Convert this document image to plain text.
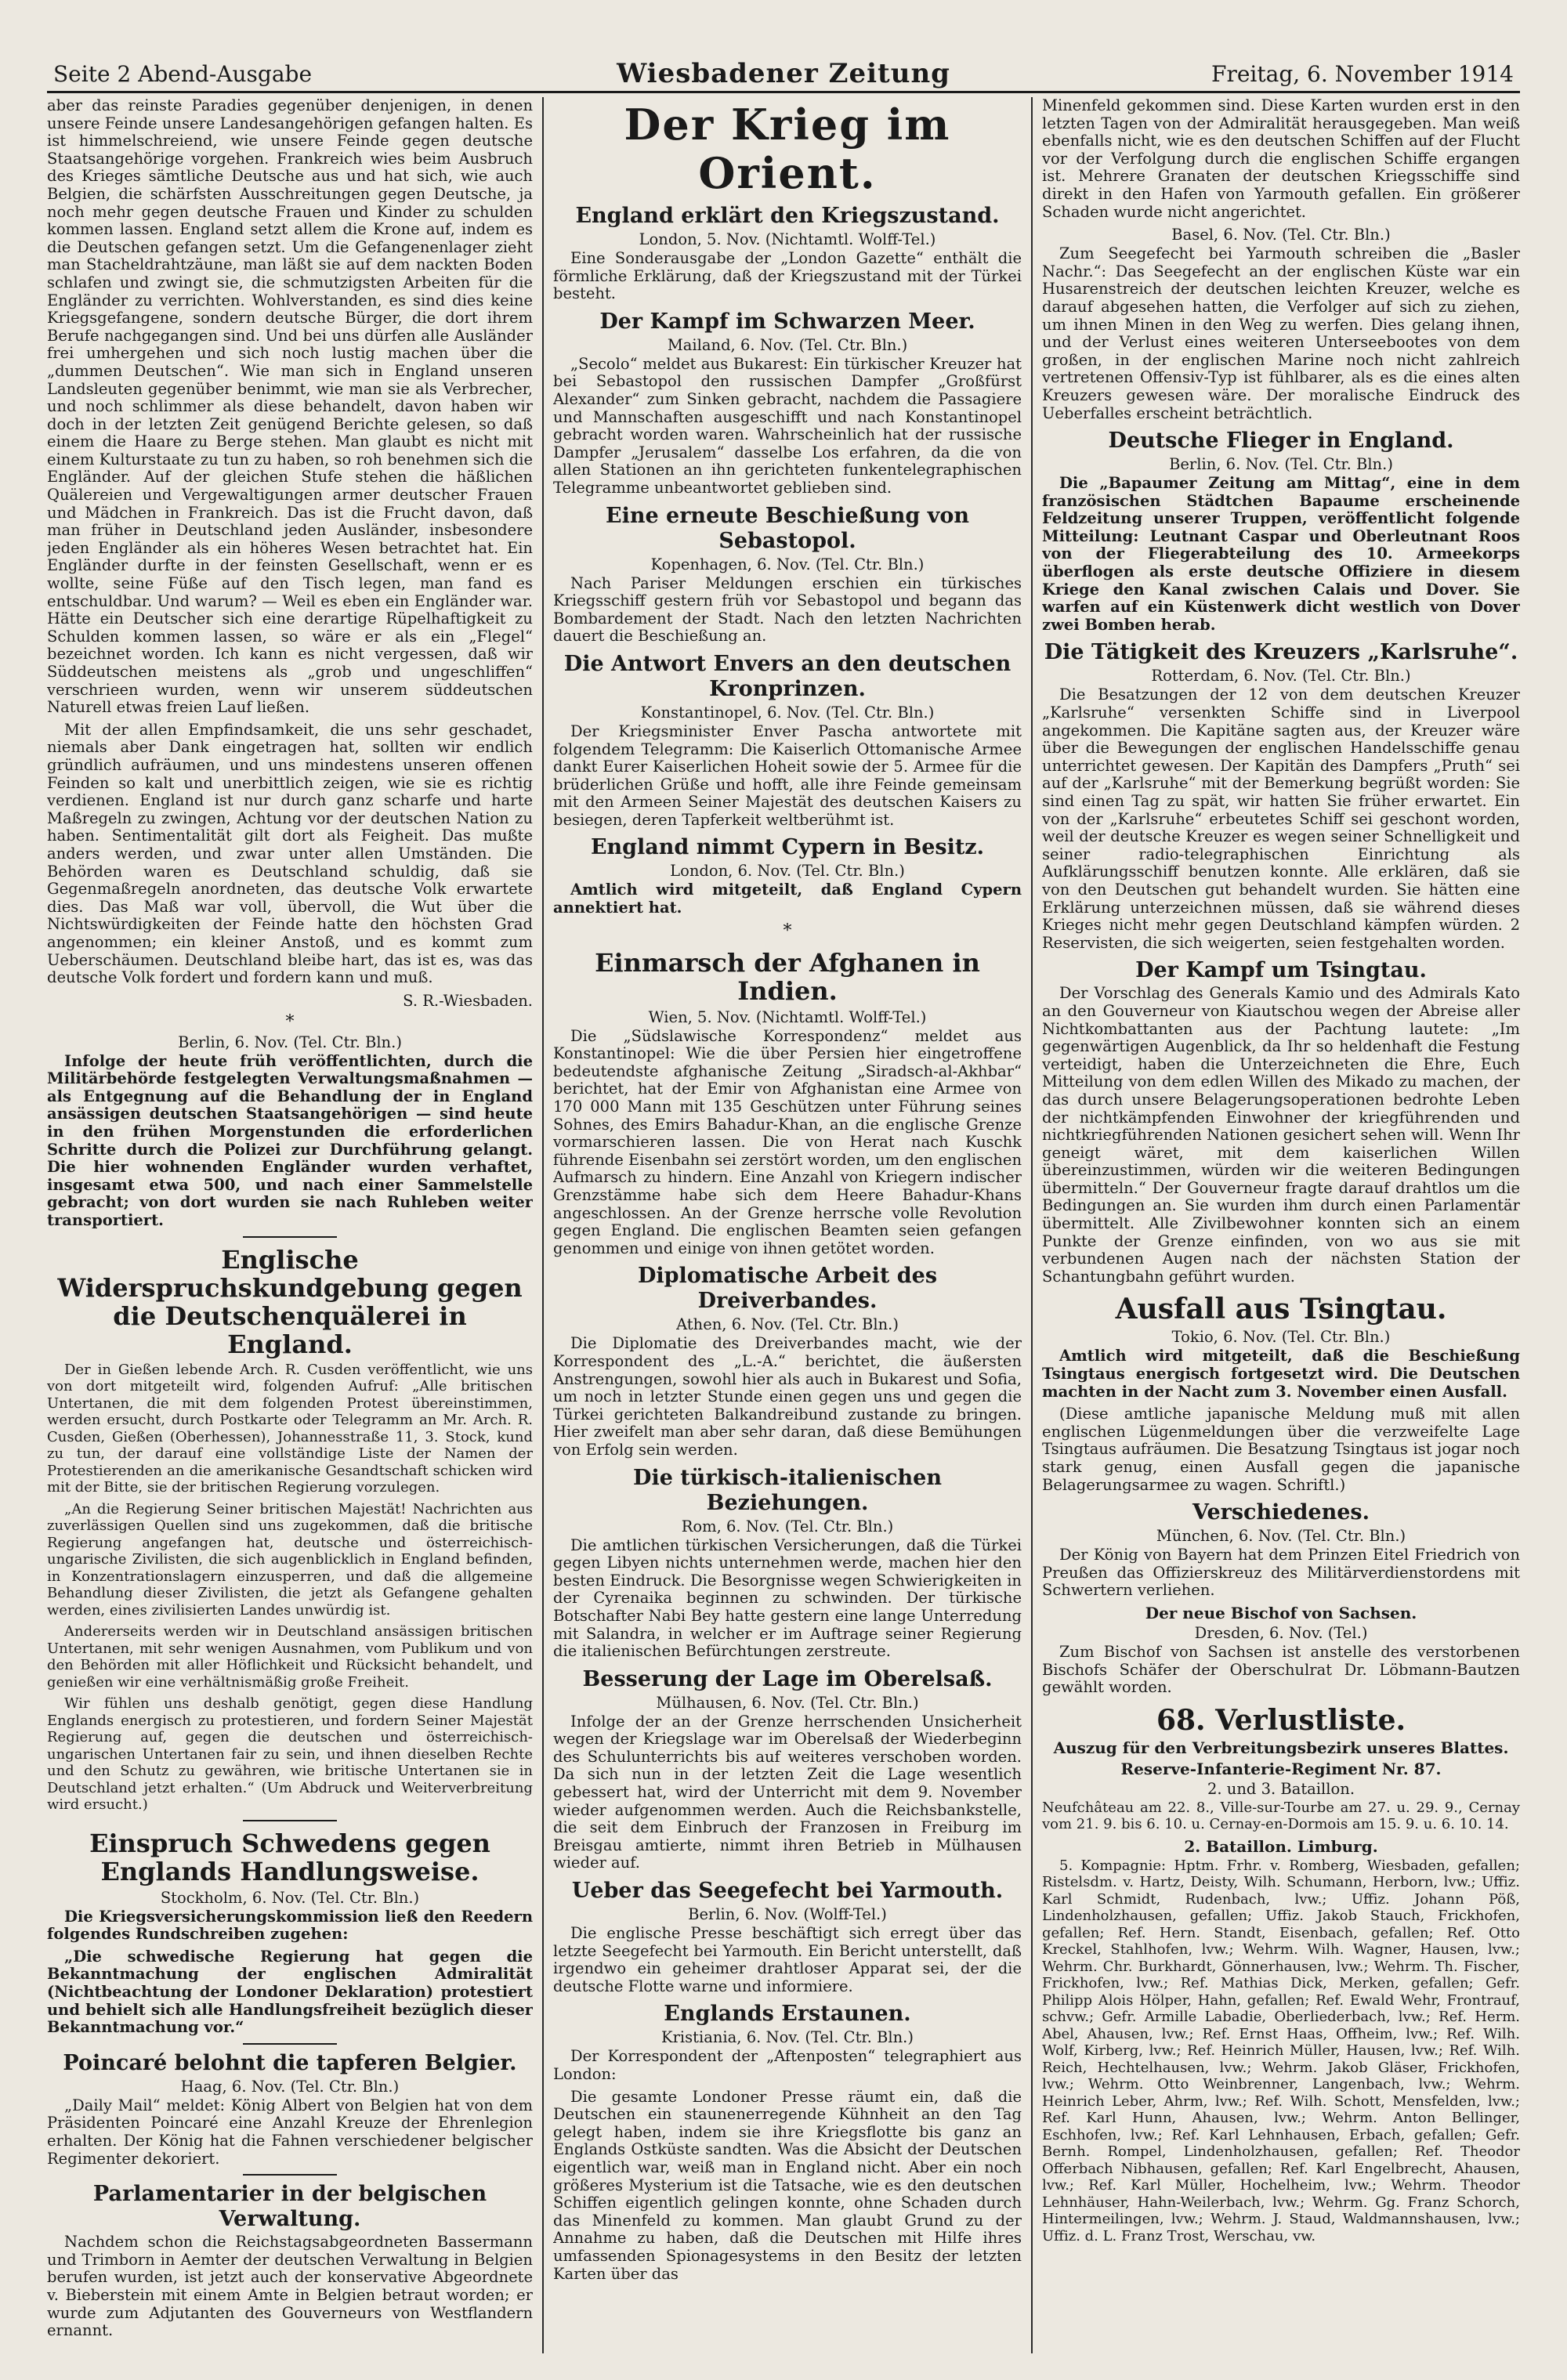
Seite 2 Abend-Ausgabe	Wiesbadener Zeitung	Freitag, 6. November 1914

aber das reinste Paradies gegenüber denjenigen, in denen unsere Feinde unsere Landesangehörigen gefangen halten. Es ist himmelschreiend, wie unsere Feinde gegen deutsche Staatsangehörige vorgehen. Frankreich wies beim Ausbruch des Krieges sämtliche Deutsche aus und hat sich, wie auch Belgien, die schärfsten Ausschreitungen gegen Deutsche, ja noch mehr gegen deutsche Frauen und Kinder zu schulden kommen lassen. England setzt allem die Krone auf, indem es die Deutschen gefangen setzt. Um die Gefangenenlager zieht man Stacheldrahtzäune, man läßt sie auf dem nackten Boden schlafen und zwingt sie, die schmutzigsten Arbeiten für die Engländer zu verrichten. Wohlverstanden, es sind dies keine Kriegsgefangene, sondern deutsche Bürger, die dort ihrem Berufe nachgegangen sind. Und bei uns dürfen alle Ausländer frei umhergehen und sich noch lustig machen über die „dummen Deutschen“. Wie man sich in England unseren Landsleuten gegenüber benimmt, wie man sie als Verbrecher, und noch schlimmer als diese behandelt, davon haben wir doch in der letzten Zeit genügend Berichte gelesen, so daß einem die Haare zu Berge stehen. Man glaubt es nicht mit einem Kulturstaate zu tun zu haben, so roh benehmen sich die Engländer. Auf der gleichen Stufe stehen die häßlichen Quälereien und Vergewaltigungen armer deutscher Frauen und Mädchen in Frankreich. Das ist die Frucht davon, daß man früher in Deutschland jeden Ausländer, insbesondere jeden Engländer als ein höheres Wesen betrachtet hat. Ein Engländer durfte in der feinsten Gesellschaft, wenn er es wollte, seine Füße auf den Tisch legen, man fand es entschuldbar. Und warum? — Weil es eben ein Engländer war. Hätte ein Deutscher sich eine derartige Rüpelhaftigkeit zu Schulden kommen lassen, so wäre er als ein „Flegel“ bezeichnet worden. Ich kann es nicht vergessen, daß wir Süddeutschen meistens als „grob und ungeschliffen“ verschrieen wurden, wenn wir unserem süddeutschen Naturell etwas freien Lauf ließen.

Mit der allen Empfindsamkeit, die uns sehr geschadet, niemals aber Dank eingetragen hat, sollten wir endlich gründlich aufräumen, und uns mindestens unseren offenen Feinden so kalt und unerbittlich zeigen, wie sie es richtig verdienen. England ist nur durch ganz scharfe und harte Maßregeln zu zwingen, Achtung vor der deutschen Nation zu haben. Sentimentalität gilt dort als Feigheit. Das mußte anders werden, und zwar unter allen Umständen. Die Behörden waren es Deutschland schuldig, daß sie Gegenmaßregeln anordneten, das deutsche Volk erwartete dies. Das Maß war voll, übervoll, die Wut über die Nichtswürdigkeiten der Feinde hatte den höchsten Grad angenommen; ein kleiner Anstoß, und es kommt zum Ueberschäumen. Deutschland bleibe hart, das ist es, was das deutsche Volk fordert und fordern kann und muß.

S. R.-Wiesbaden.
*
Berlin, 6. Nov. (Tel. Ctr. Bln.)

Infolge der heute früh veröffentlichten, durch die Militärbehörde festgelegten Verwaltungsmaßnahmen — als Entgegnung auf die Behandlung der in England ansässigen deutschen Staatsangehörigen — sind heute in den frühen Morgenstunden die erforderlichen Schritte durch die Polizei zur Durchführung gelangt. Die hier wohnenden Engländer wurden verhaftet, insgesamt etwa 500, und nach einer Sammelstelle gebracht; von dort wurden sie nach Ruhleben weiter transportiert.

Englische Widerspruchskundgebung gegen die Deutschenquälerei in England.

Der in Gießen lebende Arch. R. Cusden veröffentlicht, wie uns von dort mitgeteilt wird, folgenden Aufruf: „Alle britischen Untertanen, die mit dem folgenden Protest übereinstimmen, werden ersucht, durch Postkarte oder Telegramm an Mr. Arch. R. Cusden, Gießen (Oberhessen), Johannesstraße 11, 3. Stock, kund zu tun, der darauf eine vollständige Liste der Namen der Protestierenden an die amerikanische Gesandtschaft schicken wird mit der Bitte, sie der britischen Regierung vorzulegen.

„An die Regierung Seiner britischen Majestät! Nachrichten aus zuverlässigen Quellen sind uns zugekommen, daß die britische Regierung angefangen hat, deutsche und österreichisch-ungarische Zivilisten, die sich augenblicklich in England befinden, in Konzentrationslagern einzusperren, und daß die allgemeine Behandlung dieser Zivilisten, die jetzt als Gefangene gehalten werden, eines zivilisierten Landes unwürdig ist.

Andererseits werden wir in Deutschland ansässigen britischen Untertanen, mit sehr wenigen Ausnahmen, vom Publikum und von den Behörden mit aller Höflichkeit und Rücksicht behandelt, und genießen wir eine verhältnismäßig große Freiheit.

Wir fühlen uns deshalb genötigt, gegen diese Handlung Englands energisch zu protestieren, und fordern Seiner Majestät Regierung auf, gegen die deutschen und österreichisch-ungarischen Untertanen fair zu sein, und ihnen dieselben Rechte und den Schutz zu gewähren, wie britische Untertanen sie in Deutschland jetzt erhalten.“ (Um Abdruck und Weiterverbreitung wird ersucht.)

Einspruch Schwedens gegen Englands Handlungsweise.
Stockholm, 6. Nov. (Tel. Ctr. Bln.)

Die Kriegsversicherungskommission ließ den Reedern folgendes Rundschreiben zugehen:

„Die schwedische Regierung hat gegen die Bekanntmachung der englischen Admiralität (Nichtbeachtung der Londoner Deklaration) protestiert und behielt sich alle Handlungsfreiheit bezüglich dieser Bekanntmachung vor.“

Poincaré belohnt die tapferen Belgier.
Haag, 6. Nov. (Tel. Ctr. Bln.)

„Daily Mail“ meldet: König Albert von Belgien hat von dem Präsidenten Poincaré eine Anzahl Kreuze der Ehrenlegion erhalten. Der König hat die Fahnen verschiedener belgischer Regimenter dekoriert.

Parlamentarier in der belgischen Verwaltung.

Nachdem schon die Reichstagsabgeordneten Bassermann und Trimborn in Aemter der deutschen Verwaltung in Belgien berufen wurden, ist jetzt auch der konservative Abgeordnete v. Bieberstein mit einem Amte in Belgien betraut worden; er wurde zum Adjutanten des Gouverneurs von Westflandern ernannt.

Der Krieg im Orient.
England erklärt den Kriegszustand.
London, 5. Nov. (Nichtamtl. Wolff-Tel.)

Eine Sonderausgabe der „London Gazette“ enthält die förmliche Erklärung, daß der Kriegszustand mit der Türkei besteht.

Der Kampf im Schwarzen Meer.
Mailand, 6. Nov. (Tel. Ctr. Bln.)

„Secolo“ meldet aus Bukarest: Ein türkischer Kreuzer hat bei Sebastopol den russischen Dampfer „Großfürst Alexander“ zum Sinken gebracht, nachdem die Passagiere und Mannschaften ausgeschifft und nach Konstantinopel gebracht worden waren. Wahrscheinlich hat der russische Dampfer „Jerusalem“ dasselbe Los erfahren, da die von allen Stationen an ihn gerichteten funkentelegraphischen Telegramme unbeantwortet geblieben sind.

Eine erneute Beschießung von Sebastopol.
Kopenhagen, 6. Nov. (Tel. Ctr. Bln.)

Nach Pariser Meldungen erschien ein türkisches Kriegsschiff gestern früh vor Sebastopol und begann das Bombardement der Stadt. Nach den letzten Nachrichten dauert die Beschießung an.

Die Antwort Envers an den deutschen Kronprinzen.
Konstantinopel, 6. Nov. (Tel. Ctr. Bln.)

Der Kriegsminister Enver Pascha antwortete mit folgendem Telegramm: Die Kaiserlich Ottomanische Armee dankt Eurer Kaiserlichen Hoheit sowie der 5. Armee für die brüderlichen Grüße und hofft, alle ihre Feinde gemeinsam mit den Armeen Seiner Majestät des deutschen Kaisers zu besiegen, deren Tapferkeit weltberühmt ist.

England nimmt Cypern in Besitz.
London, 6. Nov. (Tel. Ctr. Bln.)

Amtlich wird mitgeteilt, daß England Cypern annektiert hat.

*
Einmarsch der Afghanen in Indien.
Wien, 5. Nov. (Nichtamtl. Wolff-Tel.)

Die „Südslawische Korrespondenz“ meldet aus Konstantinopel: Wie die über Persien hier eingetroffene bedeutendste afghanische Zeitung „Siradsch-al-Akhbar“ berichtet, hat der Emir von Afghanistan eine Armee von 170 000 Mann mit 135 Geschützen unter Führung seines Sohnes, des Emirs Bahadur-Khan, an die englische Grenze vormarschieren lassen. Die von Herat nach Kuschk führende Eisenbahn sei zerstört worden, um den englischen Aufmarsch zu hindern. Eine Anzahl von Kriegern indischer Grenzstämme habe sich dem Heere Bahadur-Khans angeschlossen. An der Grenze herrsche volle Revolution gegen England. Die englischen Beamten seien gefangen genommen und einige von ihnen getötet worden.

Diplomatische Arbeit des Dreiverbandes.
Athen, 6. Nov. (Tel. Ctr. Bln.)

Die Diplomatie des Dreiverbandes macht, wie der Korrespondent des „L.-A.“ berichtet, die äußersten Anstrengungen, sowohl hier als auch in Bukarest und Sofia, um noch in letzter Stunde einen gegen uns und gegen die Türkei gerichteten Balkandreibund zustande zu bringen. Hier zweifelt man aber sehr daran, daß diese Bemühungen von Erfolg sein werden.

Die türkisch-italienischen Beziehungen.
Rom, 6. Nov. (Tel. Ctr. Bln.)

Die amtlichen türkischen Versicherungen, daß die Türkei gegen Libyen nichts unternehmen werde, machen hier den besten Eindruck. Die Besorgnisse wegen Schwierigkeiten in der Cyrenaika beginnen zu schwinden. Der türkische Botschafter Nabi Bey hatte gestern eine lange Unterredung mit Salandra, in welcher er im Auftrage seiner Regierung die italienischen Befürchtungen zerstreute.

Besserung der Lage im Oberelsaß.
Mülhausen, 6. Nov. (Tel. Ctr. Bln.)

Infolge der an der Grenze herrschenden Unsicherheit wegen der Kriegslage war im Oberelsaß der Wiederbeginn des Schulunterrichts bis auf weiteres verschoben worden. Da sich nun in der letzten Zeit die Lage wesentlich gebessert hat, wird der Unterricht mit dem 9. November wieder aufgenommen werden. Auch die Reichsbankstelle, die seit dem Einbruch der Franzosen in Freiburg im Breisgau amtierte, nimmt ihren Betrieb in Mülhausen wieder auf.

Ueber das Seegefecht bei Yarmouth.
Berlin, 6. Nov. (Wolff-Tel.)

Die englische Presse beschäftigt sich erregt über das letzte Seegefecht bei Yarmouth. Ein Bericht unterstellt, daß irgendwo ein geheimer drahtloser Apparat sei, der die deutsche Flotte warne und informiere.

Englands Erstaunen.
Kristiania, 6. Nov. (Tel. Ctr. Bln.)

Der Korrespondent der „Aftenposten“ telegraphiert aus London:

Die gesamte Londoner Presse räumt ein, daß die Deutschen ein staunenerregende Kühnheit an den Tag gelegt haben, indem sie ihre Kriegsflotte bis ganz an Englands Ostküste sandten. Was die Absicht der Deutschen eigentlich war, weiß man in England nicht. Aber ein noch größeres Mysterium ist die Tatsache, wie es den deutschen Schiffen eigentlich gelingen konnte, ohne Schaden durch das Minenfeld zu kommen. Man glaubt Grund zu der Annahme zu haben, daß die Deutschen mit Hilfe ihres umfassenden Spionagesystems in den Besitz der letzten Karten über das

Minenfeld gekommen sind. Diese Karten wurden erst in den letzten Tagen von der Admiralität herausgegeben. Man weiß ebenfalls nicht, wie es den deutschen Schiffen auf der Flucht vor der Verfolgung durch die englischen Schiffe ergangen ist. Mehrere Granaten der deutschen Kriegsschiffe sind direkt in den Hafen von Yarmouth gefallen. Ein größerer Schaden wurde nicht angerichtet.

Basel, 6. Nov. (Tel. Ctr. Bln.)

Zum Seegefecht bei Yarmouth schreiben die „Basler Nachr.“: Das Seegefecht an der englischen Küste war ein Husarenstreich der deutschen leichten Kreuzer, welche es darauf abgesehen hatten, die Verfolger auf sich zu ziehen, um ihnen Minen in den Weg zu werfen. Dies gelang ihnen, und der Verlust eines weiteren Unterseebootes von dem großen, in der englischen Marine noch nicht zahlreich vertretenen Offensiv-Typ ist fühlbarer, als es die eines alten Kreuzers gewesen wäre. Der moralische Eindruck des Ueberfalles erscheint beträchtlich.

Deutsche Flieger in England.
Berlin, 6. Nov. (Tel. Ctr. Bln.)

Die „Bapaumer Zeitung am Mittag“, eine in dem französischen Städtchen Bapaume erscheinende Feldzeitung unserer Truppen, veröffentlicht folgende Mitteilung: Leutnant Caspar und Oberleutnant Roos von der Fliegerabteilung des 10. Armeekorps überflogen als erste deutsche Offiziere in diesem Kriege den Kanal zwischen Calais und Dover. Sie warfen auf ein Küstenwerk dicht westlich von Dover zwei Bomben herab.

Die Tätigkeit des Kreuzers „Karlsruhe“.
Rotterdam, 6. Nov. (Tel. Ctr. Bln.)

Die Besatzungen der 12 von dem deutschen Kreuzer „Karlsruhe“ versenkten Schiffe sind in Liverpool angekommen. Die Kapitäne sagten aus, der Kreuzer wäre über die Bewegungen der englischen Handelsschiffe genau unterrichtet gewesen. Der Kapitän des Dampfers „Pruth“ sei auf der „Karlsruhe“ mit der Bemerkung begrüßt worden: Sie sind einen Tag zu spät, wir hatten Sie früher erwartet. Ein von der „Karlsruhe“ erbeutetes Schiff sei geschont worden, weil der deutsche Kreuzer es wegen seiner Schnelligkeit und seiner radio-telegraphischen Einrichtung als Aufklärungsschiff benutzen konnte. Alle erklären, daß sie von den Deutschen gut behandelt wurden. Sie hätten eine Erklärung unterzeichnen müssen, daß sie während dieses Krieges nicht mehr gegen Deutschland kämpfen würden. 2 Reservisten, die sich weigerten, seien festgehalten worden.

Der Kampf um Tsingtau.

Der Vorschlag des Generals Kamio und des Admirals Kato an den Gouverneur von Kiautschou wegen der Abreise aller Nichtkombattanten aus der Pachtung lautete: „Im gegenwärtigen Augenblick, da Ihr so heldenhaft die Festung verteidigt, haben die Unterzeichneten die Ehre, Euch Mitteilung von dem edlen Willen des Mikado zu machen, der das durch unsere Belagerungsoperationen bedrohte Leben der nichtkämpfenden Einwohner der kriegführenden und nichtkriegführenden Nationen gesichert sehen will. Wenn Ihr geneigt wäret, mit dem kaiserlichen Willen übereinzustimmen, würden wir die weiteren Bedingungen übermitteln.“ Der Gouverneur fragte darauf drahtlos um die Bedingungen an. Sie wurden ihm durch einen Parlamentär übermittelt. Alle Zivilbewohner konnten sich an einem Punkte der Grenze einfinden, von wo aus sie mit verbundenen Augen nach der nächsten Station der Schantungbahn geführt wurden.

Ausfall aus Tsingtau.
Tokio, 6. Nov. (Tel. Ctr. Bln.)

Amtlich wird mitgeteilt, daß die Beschießung Tsingtaus energisch fortgesetzt wird. Die Deutschen machten in der Nacht zum 3. November einen Ausfall.

(Diese amtliche japanische Meldung muß mit allen englischen Lügenmeldungen über die verzweifelte Lage Tsingtaus aufräumen. Die Besatzung Tsingtaus ist jogar noch stark genug, einen Ausfall gegen die japanische Belagerungsarmee zu wagen. Schriftl.)

Verschiedenes.
München, 6. Nov. (Tel. Ctr. Bln.)

Der König von Bayern hat dem Prinzen Eitel Friedrich von Preußen das Offizierskreuz des Militärverdienstordens mit Schwertern verliehen.

Der neue Bischof von Sachsen.
Dresden, 6. Nov. (Tel.)

Zum Bischof von Sachsen ist anstelle des verstorbenen Bischofs Schäfer der Oberschulrat Dr. Löbmann-Bautzen gewählt worden.

68. Verlustliste.
Auszug für den Verbreitungsbezirk unseres Blattes.
Reserve-Infanterie-Regiment Nr. 87.
2. und 3. Bataillon.

Neufchâteau am 22. 8., Ville-sur-Tourbe am 27. u. 29. 9., Cernay vom 21. 9. bis 6. 10. u. Cernay-en-Dormois am 15. 9. u. 6. 10. 14.

2. Bataillon. Limburg.

5. Kompagnie: Hptm. Frhr. v. Romberg, Wiesbaden, gefallen; Ristelsdm. v. Hartz, Deisty, Wilh. Schumann, Herborn, lvw.; Uffiz. Karl Schmidt, Rudenbach, lvw.; Uffiz. Johann Pöß, Lindenholzhausen, gefallen; Uffiz. Jakob Stauch, Frickhofen, gefallen; Ref. Hern. Standt, Eisenbach, gefallen; Ref. Otto Kreckel, Stahlhofen, lvw.; Wehrm. Wilh. Wagner, Hausen, lvw.; Wehrm. Chr. Burkhardt, Gönnerhausen, lvw.; Wehrm. Th. Fischer, Frickhofen, lvw.; Ref. Mathias Dick, Merken, gefallen; Gefr. Philipp Alois Hölper, Hahn, gefallen; Ref. Ewald Wehr, Frontrauf, schvw.; Gefr. Armille Labadie, Oberliederbach, lvw.; Ref. Herm. Abel, Ahausen, lvw.; Ref. Ernst Haas, Offheim, lvw.; Ref. Wilh. Wolf, Kirberg, lvw.; Ref. Heinrich Müller, Hausen, lvw.; Ref. Wilh. Reich, Hechtelhausen, lvw.; Wehrm. Jakob Gläser, Frickhofen, lvw.; Wehrm. Otto Weinbrenner, Langenbach, lvw.; Wehrm. Heinrich Leber, Ahrm, lvw.; Ref. Wilh. Schott, Mensfelden, lvw.; Ref. Karl Hunn, Ahausen, lvw.; Wehrm. Anton Bellinger, Eschhofen, lvw.; Ref. Karl Lehnhausen, Erbach, gefallen; Gefr. Bernh. Rompel, Lindenholzhausen, gefallen; Ref. Theodor Offerbach Nibhausen, gefallen; Ref. Karl Engelbrecht, Ahausen, lvw.; Ref. Karl Müller, Hochelheim, lvw.; Wehrm. Theodor Lehnhäuser, Hahn-Weilerbach, lvw.; Wehrm. Gg. Franz Schorch, Hintermeilingen, lvw.; Wehrm. J. Staud, Waldmannshausen, lvw.; Uffiz. d. L. Franz Trost, Werschau, vw.
